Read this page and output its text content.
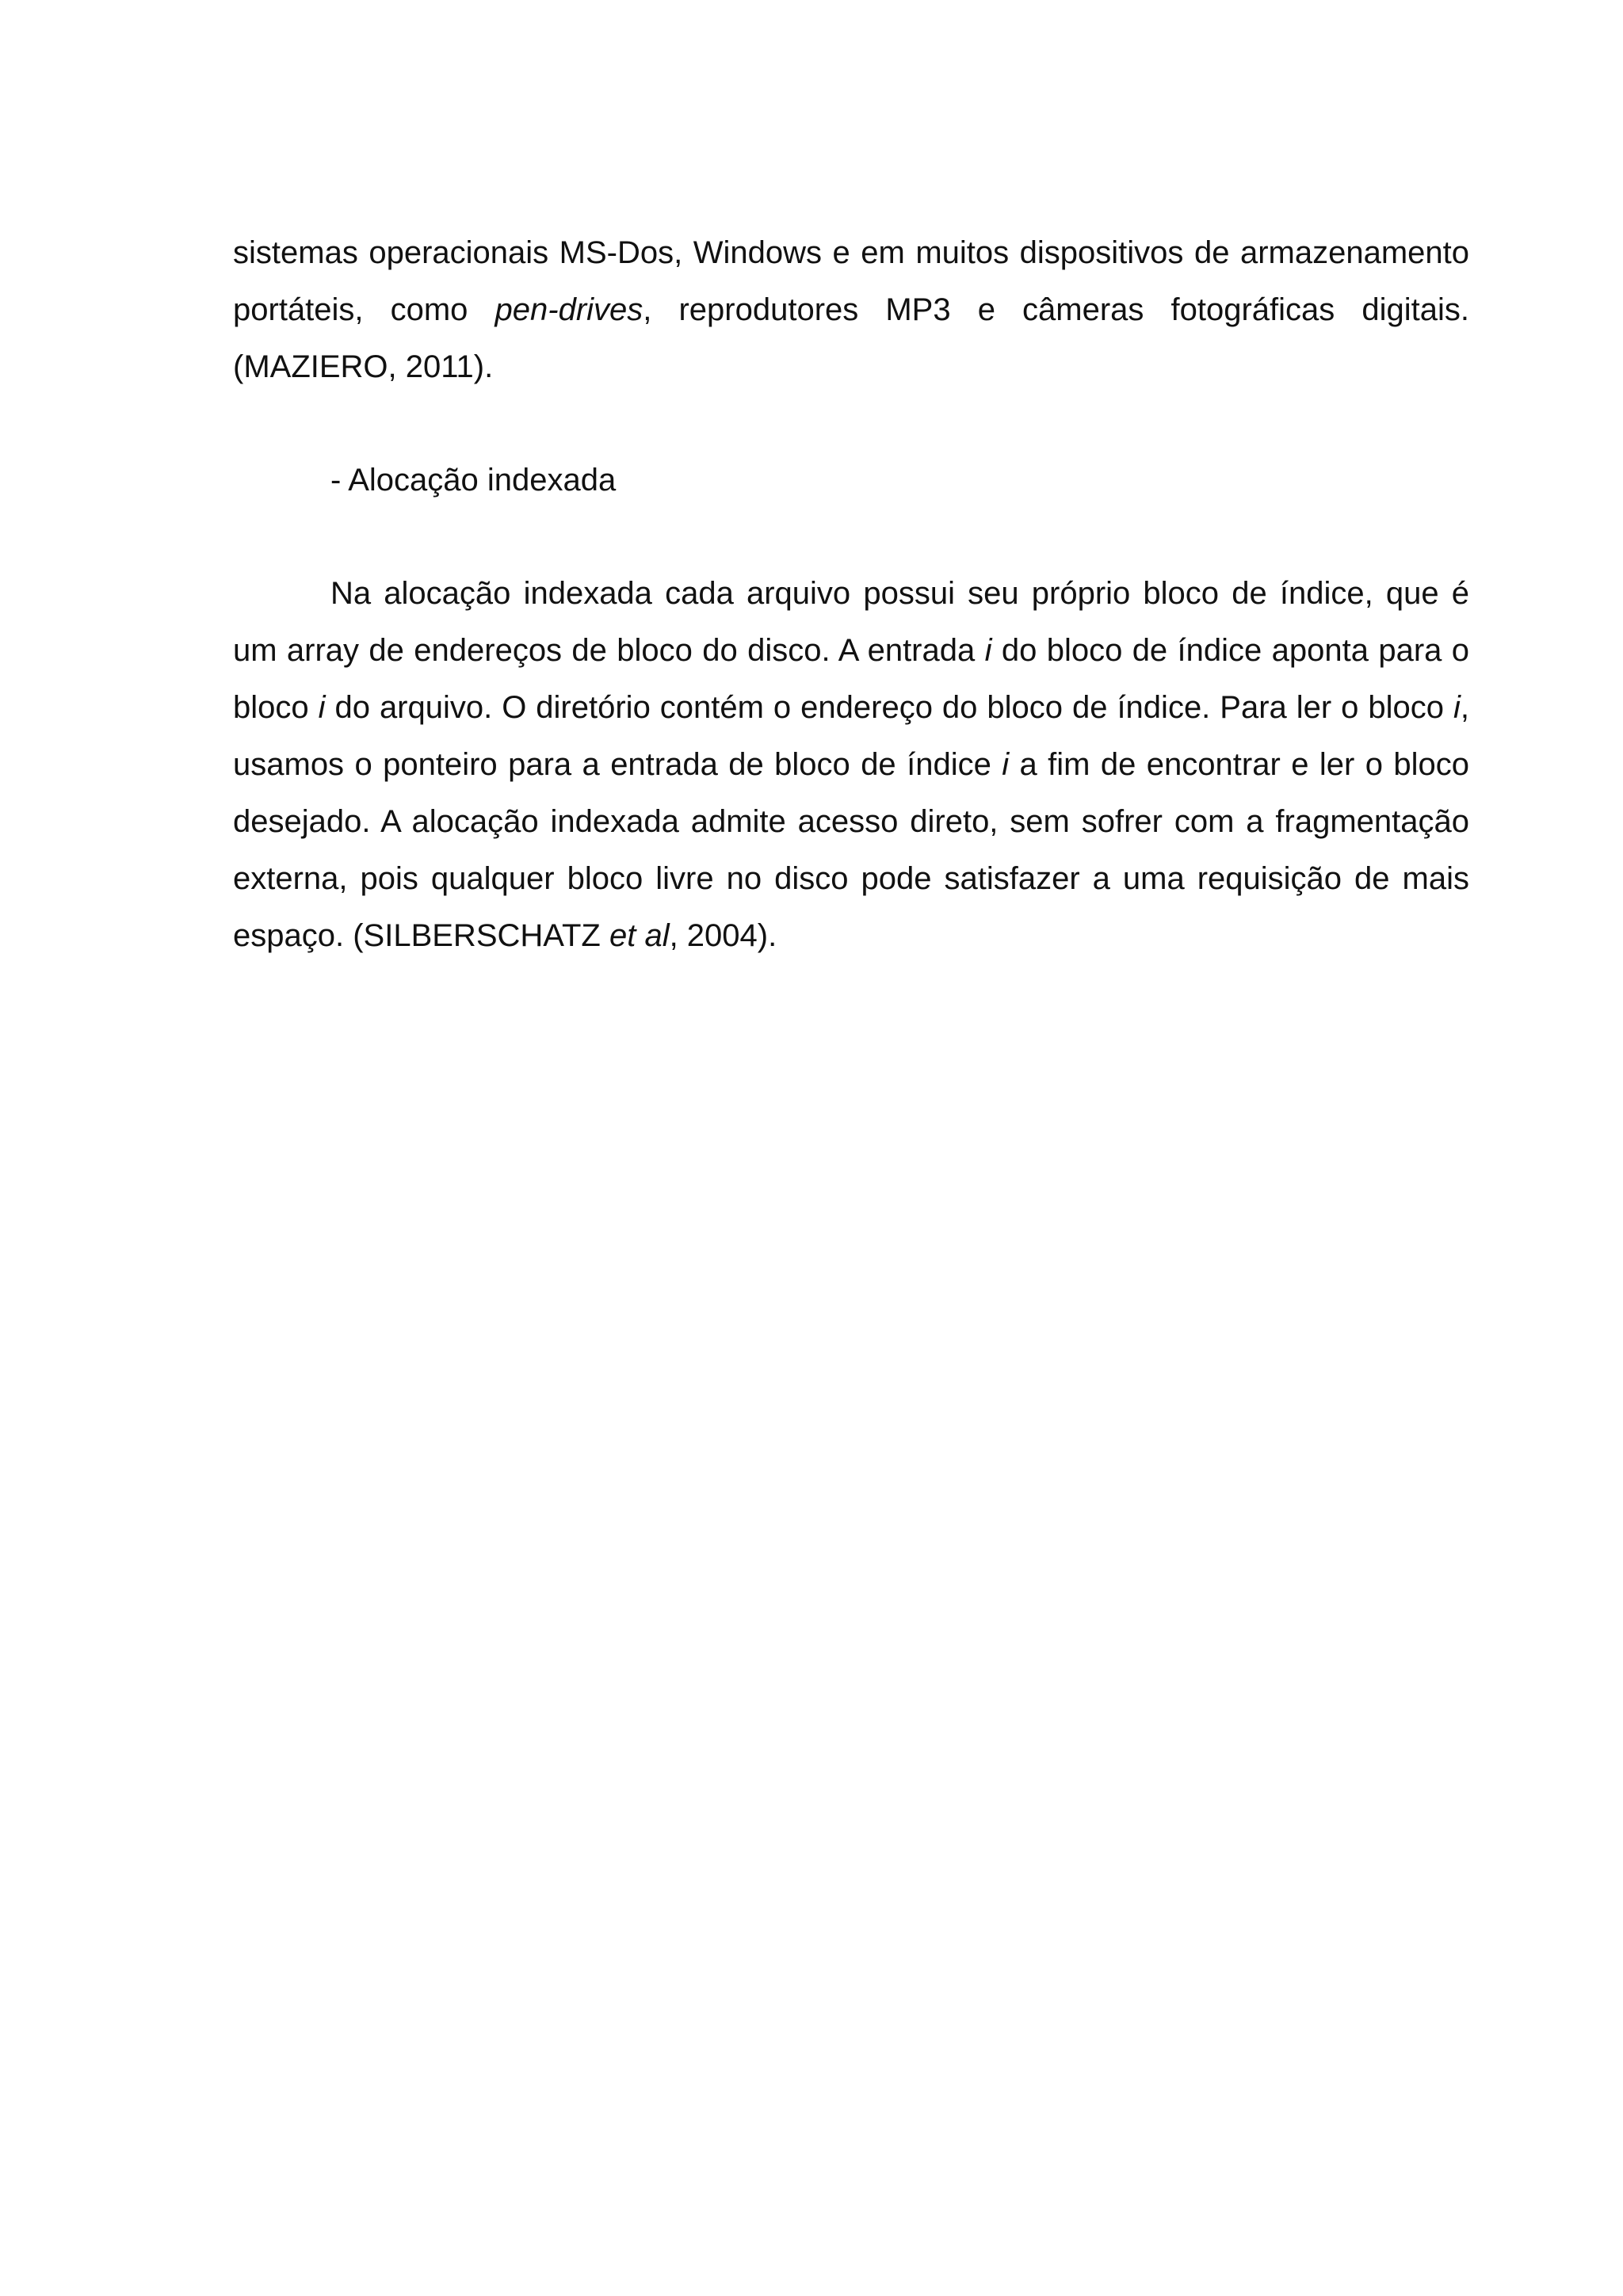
sistemas operacionais MS-Dos, Windows e em muitos dispositivos de armazenamento portáteis, como pen-drives, reprodutores MP3 e câmeras fotográficas digitais. (MAZIERO, 2011).

- Alocação indexada

Na alocação indexada cada arquivo possui seu próprio bloco de índice, que é um array de endereços de bloco do disco. A entrada i do bloco de índice aponta para o bloco i do arquivo. O diretório contém o endereço do bloco de índice. Para ler o bloco i, usamos o ponteiro para a entrada de bloco de índice i a fim de encontrar e ler o bloco desejado. A alocação indexada admite acesso direto, sem sofrer com a fragmentação externa, pois qualquer bloco livre no disco pode satisfazer a uma requisição de mais espaço. (SILBERSCHATZ et al, 2004).
